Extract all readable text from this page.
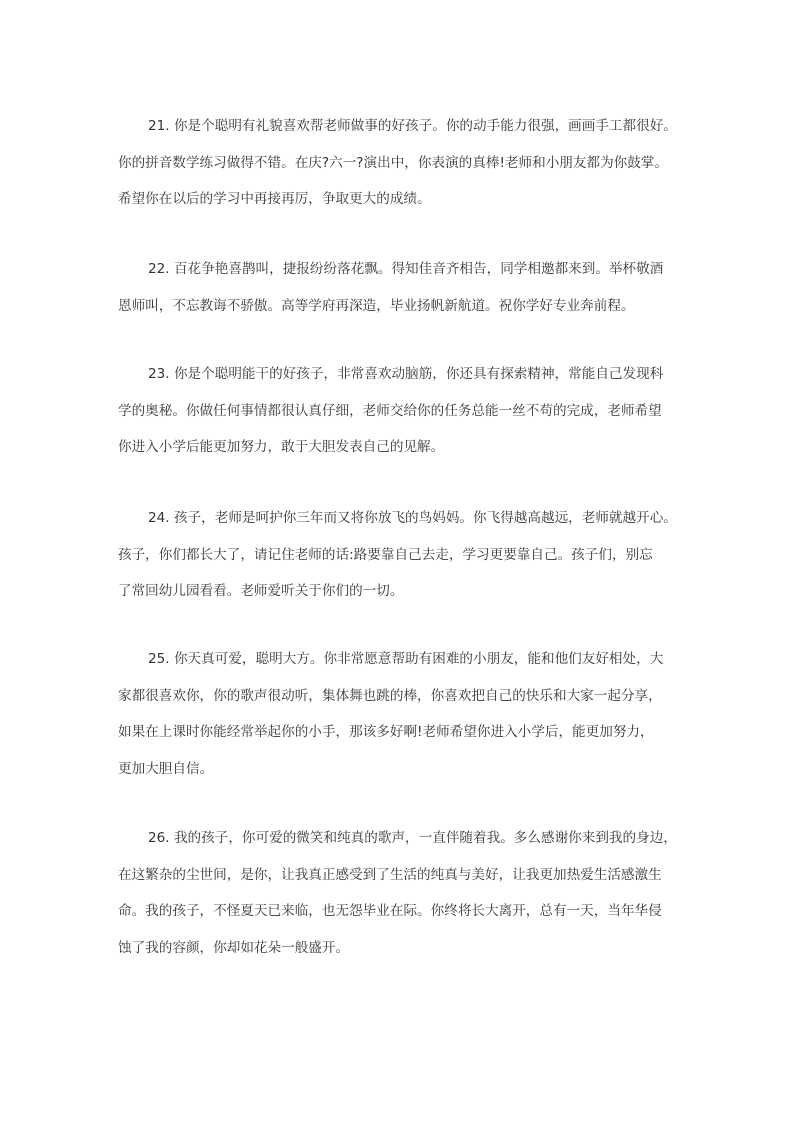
21. 你是个聪明有礼貌喜欢帮老师做事的好孩子。你的动手能力很强，画画手工都很好。
你的拼音数学练习做得不错。在庆?六一?演出中，你表演的真棒!老师和小朋友都为你鼓掌。
希望你在以后的学习中再接再厉，争取更大的成绩。
22. 百花争艳喜鹊叫，捷报纷纷落花飘。得知佳音齐相告，同学相邀都来到。举杯敬酒
恩师叫，不忘教诲不骄傲。高等学府再深造，毕业扬帆新航道。祝你学好专业奔前程。
23. 你是个聪明能干的好孩子，非常喜欢动脑筋，你还具有探索精神，常能自己发现科
学的奥秘。你做任何事情都很认真仔细，老师交给你的任务总能一丝不苟的完成，老师希望
你进入小学后能更加努力，敢于大胆发表自己的见解。
24. 孩子，老师是呵护你三年而又将你放飞的鸟妈妈。你飞得越高越远，老师就越开心。
孩子，你们都长大了，请记住老师的话:路要靠自己去走，学习更要靠自己。孩子们，别忘
了常回幼儿园看看。老师爱听关于你们的一切。
25. 你天真可爱，聪明大方。你非常愿意帮助有困难的小朋友，能和他们友好相处，大
家都很喜欢你，你的歌声很动听，集体舞也跳的棒，你喜欢把自己的快乐和大家一起分享，
如果在上课时你能经常举起你的小手，那该多好啊!老师希望你进入小学后，能更加努力，
更加大胆自信。
26. 我的孩子，你可爱的微笑和纯真的歌声，一直伴随着我。多么感谢你来到我的身边，
在这繁杂的尘世间，是你，让我真正感受到了生活的纯真与美好，让我更加热爱生活感激生
命。我的孩子，不怪夏天已来临，也无怨毕业在际。你终将长大离开，总有一天，当年华侵
蚀了我的容颜，你却如花朵一般盛开。
